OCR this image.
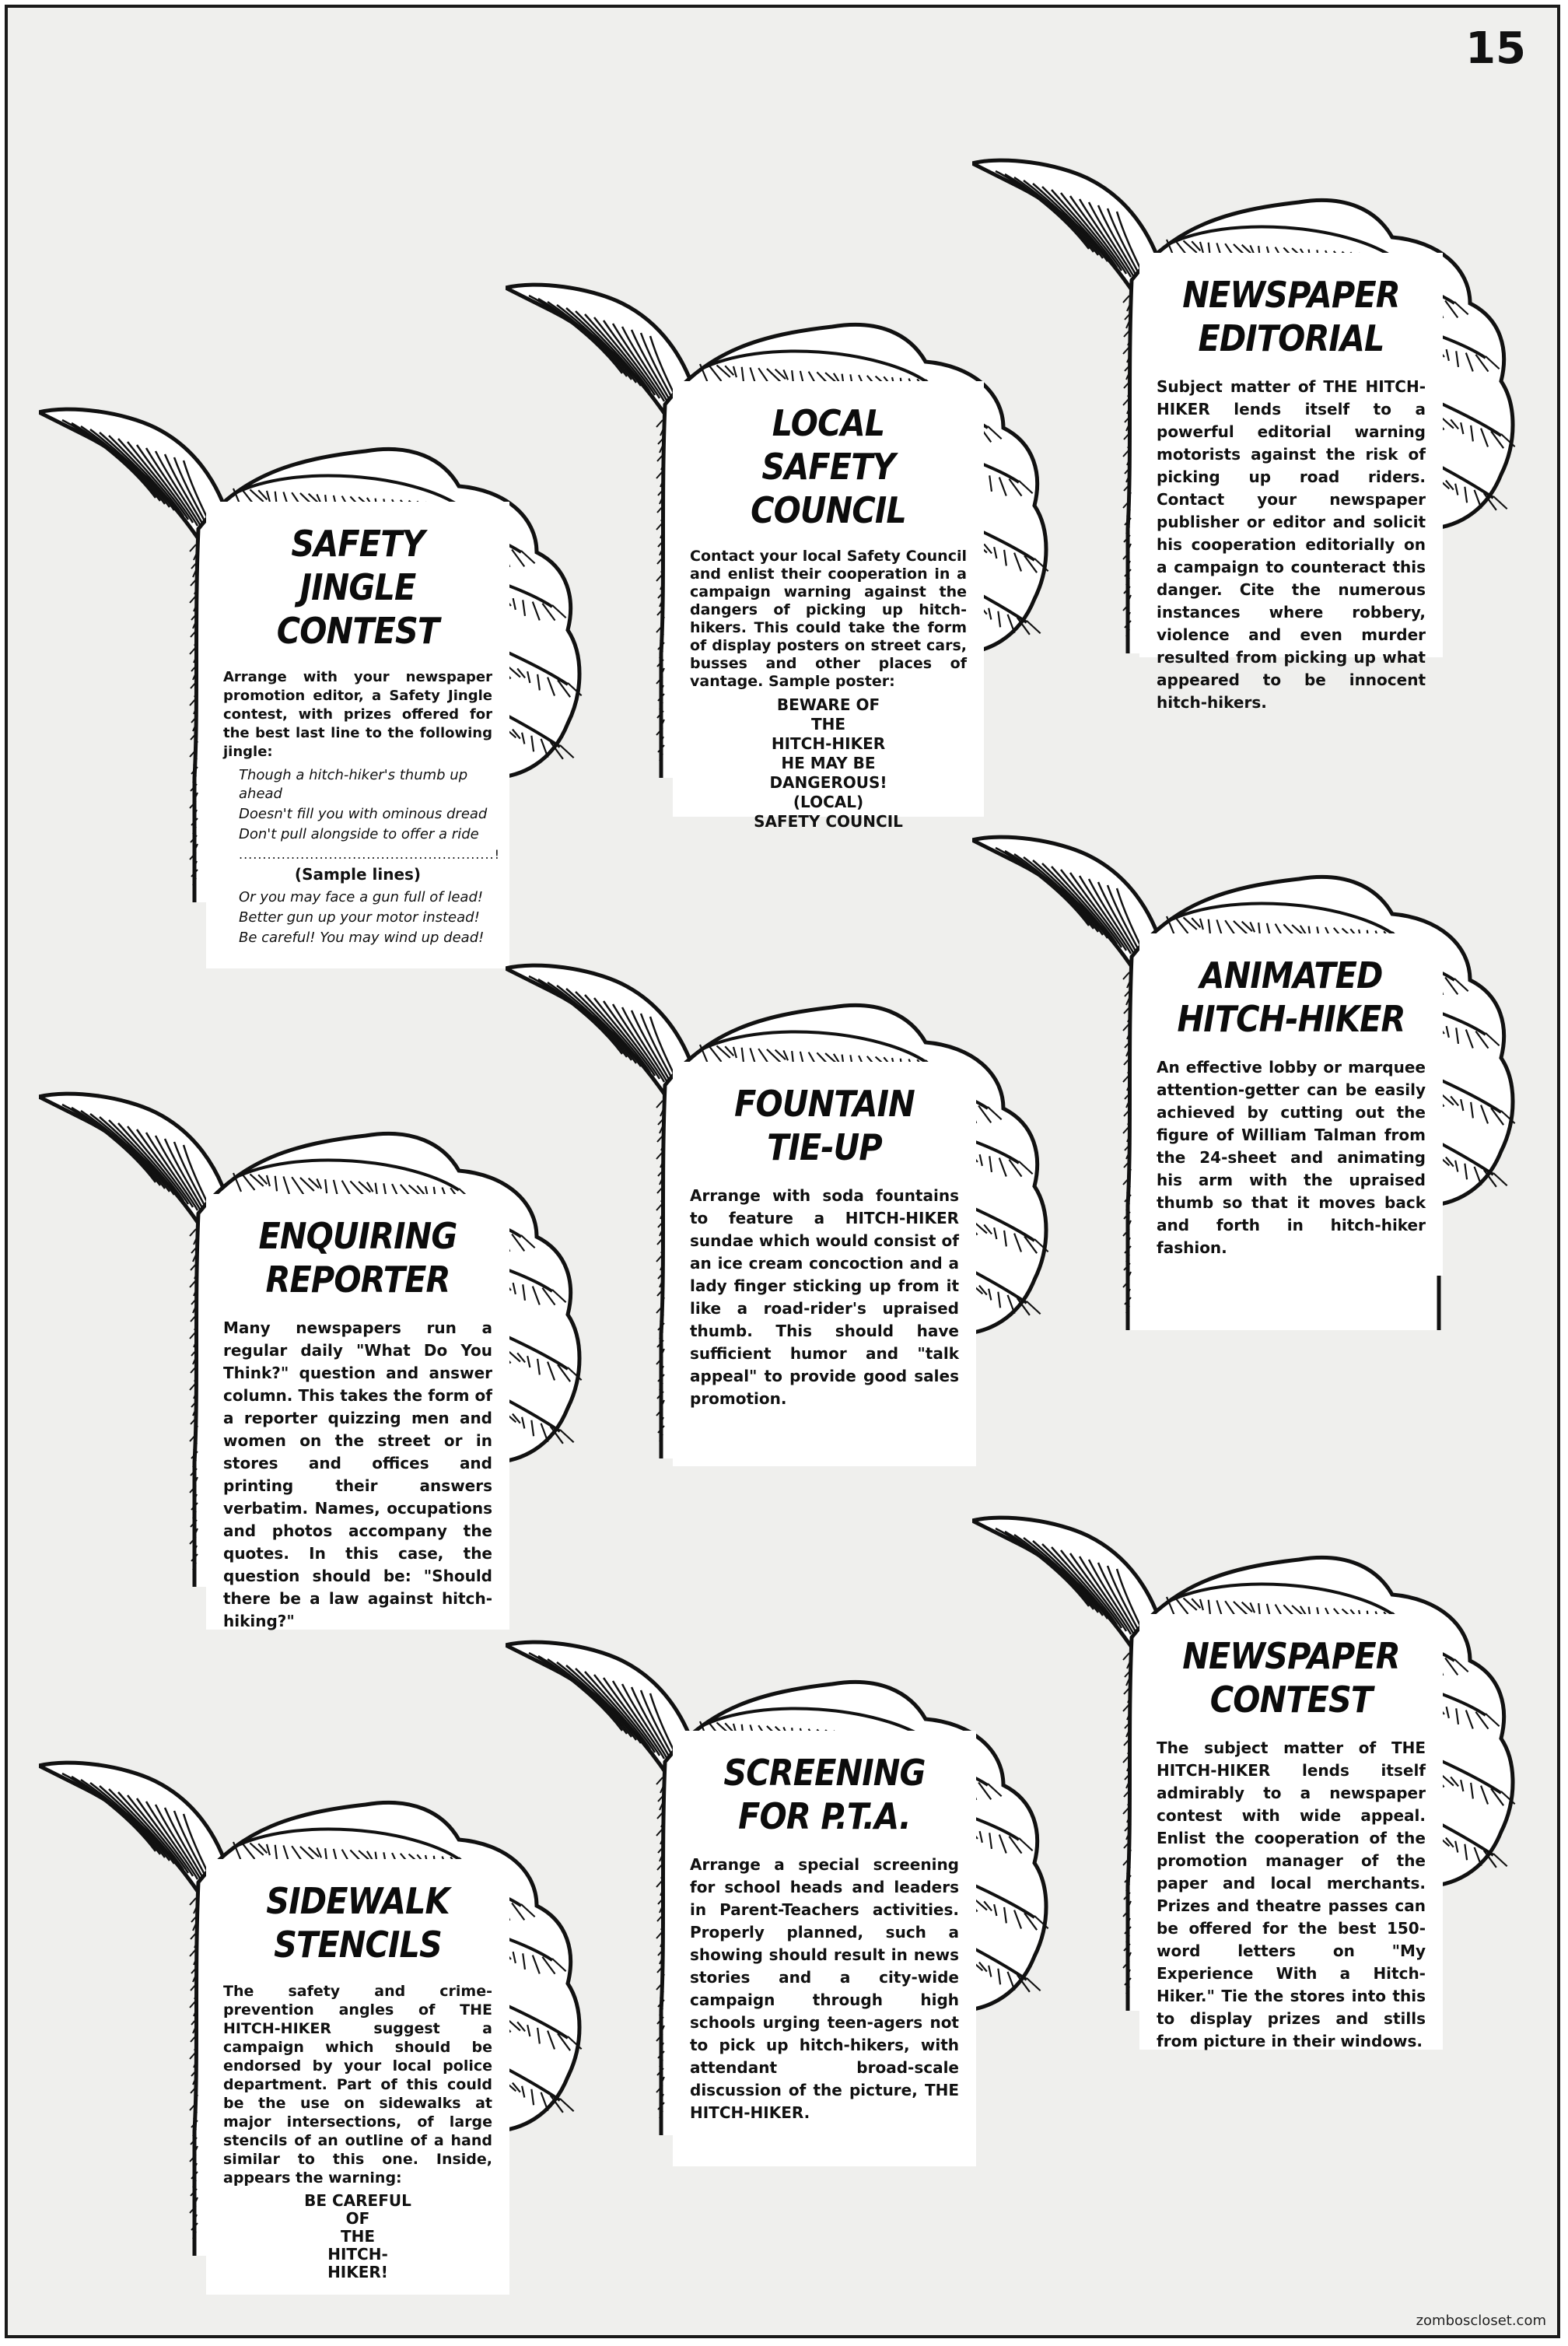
15
SAFETY JINGLE
CONTEST

Arrange with your newspaper promotion editor, a Safety Jingle contest, with prizes offered for the best last line to the following jingle:

Though a hitch-hiker's thumb up ahead
Doesn't fill you with ominous dread
Don't pull alongside to offer a ride
......................................................!
(Sample lines)
Or you may face a gun full of lead!
Better gun up your motor instead!
Be careful! You may wind up dead!
LOCAL SAFETY
COUNCIL

Contact your local Safety Council and enlist their cooperation in a campaign warning against the dangers of picking up hitch-hikers. This could take the form of display posters on street cars, busses and other places of vantage. Sample poster:

BEWARE OF
THE
HITCH-HIKER
HE MAY BE
DANGEROUS!
(LOCAL)
SAFETY COUNCIL
NEWSPAPER
EDITORIAL

Subject matter of THE HITCH-HIKER lends itself to a powerful editorial warning motorists against the risk of picking up road riders. Contact your newspaper publisher or editor and solicit his cooperation editorially on a campaign to counteract this danger. Cite the numerous instances where robbery, violence and even murder resulted from picking up what appeared to be innocent hitch-hikers.

ENQUIRING
REPORTER

Many newspapers run a regular daily "What Do You Think?" question and answer column. This takes the form of a reporter quizzing men and women on the street or in stores and offices and printing their answers verbatim. Names, occupations and photos accompany the quotes. In this case, the question should be: "Should there be a law against hitch-hiking?"

FOUNTAIN
TIE-UP

Arrange with soda fountains to feature a HITCH-HIKER sundae which would consist of an ice cream concoction and a lady finger sticking up from it like a road-rider's upraised thumb. This should have sufficient humor and "talk appeal" to provide good sales promotion.

ANIMATED
HITCH-HIKER

An effective lobby or marquee attention-getter can be easily achieved by cutting out the figure of William Talman from the 24-sheet and animating his arm with the upraised thumb so that it moves back and forth in hitch-hiker fashion.

SIDEWALK
STENCILS

The safety and crime-prevention angles of THE HITCH-HIKER suggest a campaign which should be endorsed by your local police department. Part of this could be the use on sidewalks at major intersections, of large stencils of an outline of a hand similar to this one. Inside, appears the warning:

BE CAREFUL
OF
THE
HITCH-
HIKER!
SCREENING
FOR P.T.A.

Arrange a special screening for school heads and leaders in Parent-Teachers activities. Properly planned, such a showing should result in news stories and a city-wide campaign through high schools urging teen-agers not to pick up hitch-hikers, with attendant broad-scale discussion of the picture, THE HITCH-HIKER.

NEWSPAPER
CONTEST

The subject matter of THE HITCH-HIKER lends itself admirably to a newspaper contest with wide appeal. Enlist the cooperation of the promotion manager of the paper and local merchants. Prizes and theatre passes can be offered for the best 150-word letters on "My Experience With a Hitch-Hiker." Tie the stores into this to display prizes and stills from picture in their windows.

zomboscloset.com
